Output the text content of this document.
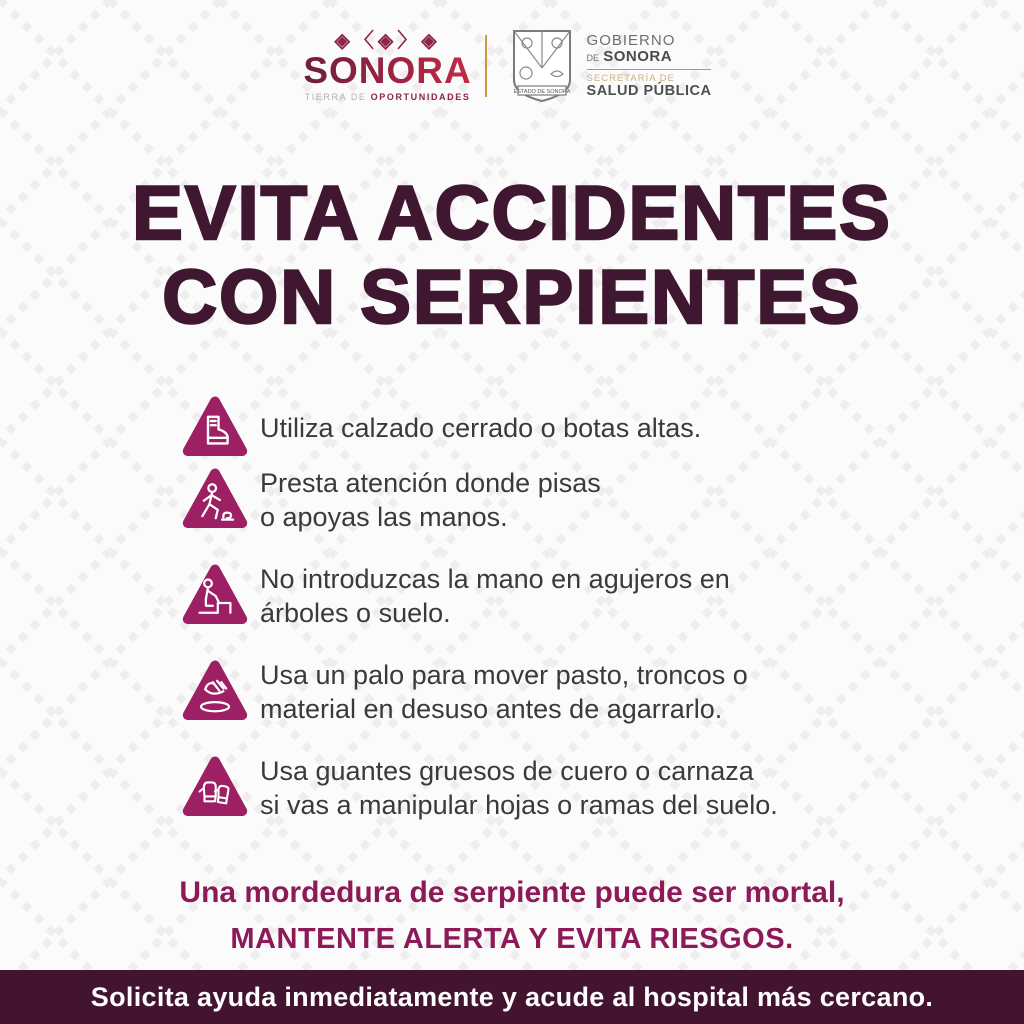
◈〈◈〉◈
SONORA
TIERRA DE OPORTUNIDADES	ESTADO DE SONORA
GOBIERNO
DE SONORA
SECRETARÍA DE
SALUD PÚBLICA
EVITA ACCIDENTES
CON SERPIENTES
Utiliza calzado cerrado o botas altas.
Presta atención donde pisas
o apoyas las manos.
No introduzcas la mano en agujeros en
árboles o suelo.
Usa un palo para mover pasto, troncos o
material en desuso antes de agarrarlo.
Usa guantes gruesos de cuero o carnaza
si vas a manipular hojas o ramas del suelo.
Una mordedura de serpiente puede ser mortal,
MANTENTE ALERTA Y EVITA RIESGOS.
Solicita ayuda inmediatamente y acude al hospital más cercano.
